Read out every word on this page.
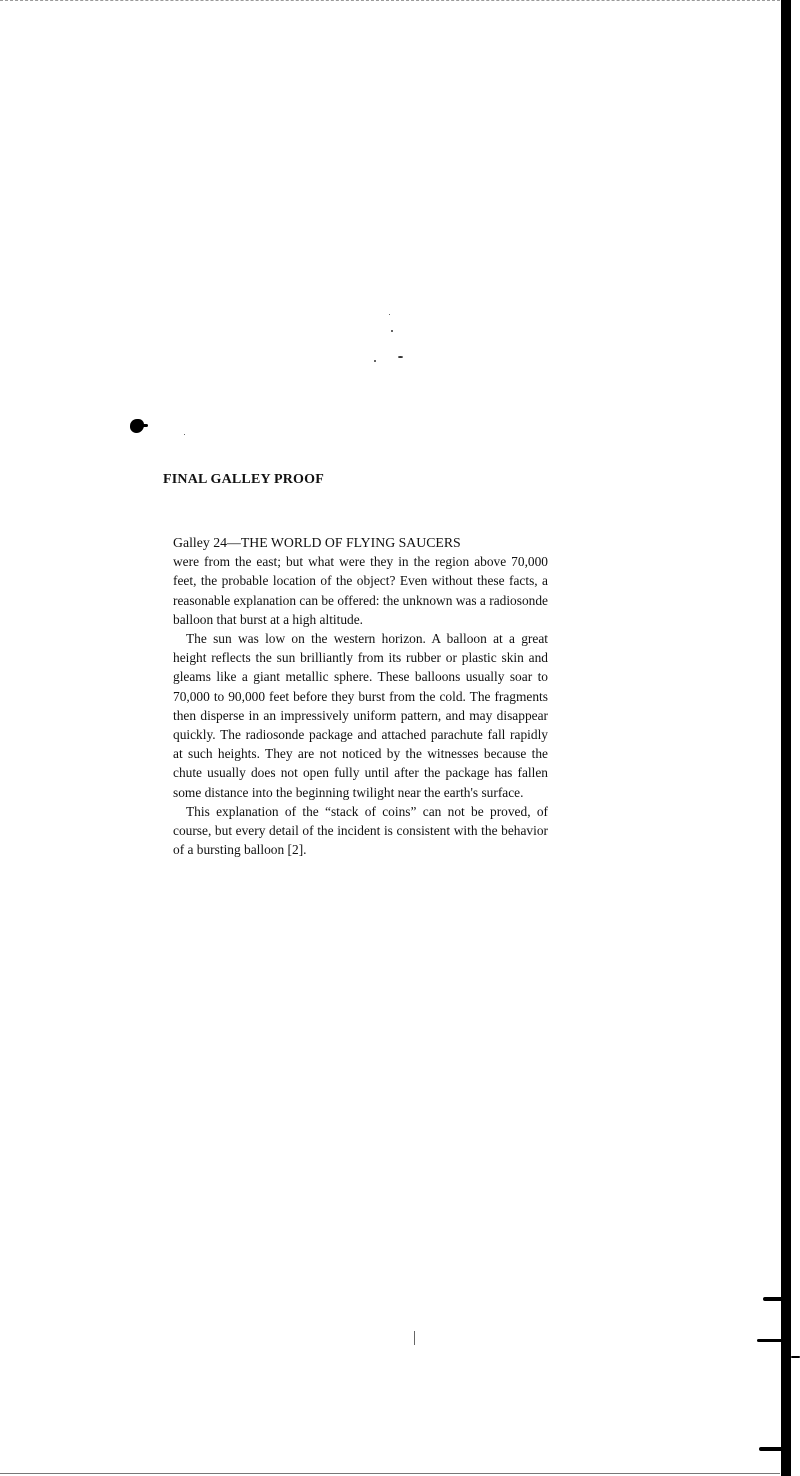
FINAL GALLEY PROOF
Galley 24—THE WORLD OF FLYING SAUCERS

were from the east; but what were they in the region above 70,000 feet, the probable location of the object? Even without these facts, a reasonable explanation can be offered: the unknown was a radiosonde balloon that burst at a high altitude.

The sun was low on the western horizon. A balloon at a great height reflects the sun brilliantly from its rubber or plastic skin and gleams like a giant metallic sphere. These balloons usually soar to 70,000 to 90,000 feet before they burst from the cold. The fragments then disperse in an impressively uniform pattern, and may disappear quickly. The radiosonde package and attached parachute fall rapidly at such heights. They are not noticed by the witnesses because the chute usually does not open fully until after the package has fallen some distance into the beginning twilight near the earth's surface.

This explanation of the “stack of coins” can not be proved, of course, but every detail of the incident is consistent with the behavior of a bursting balloon [2].
